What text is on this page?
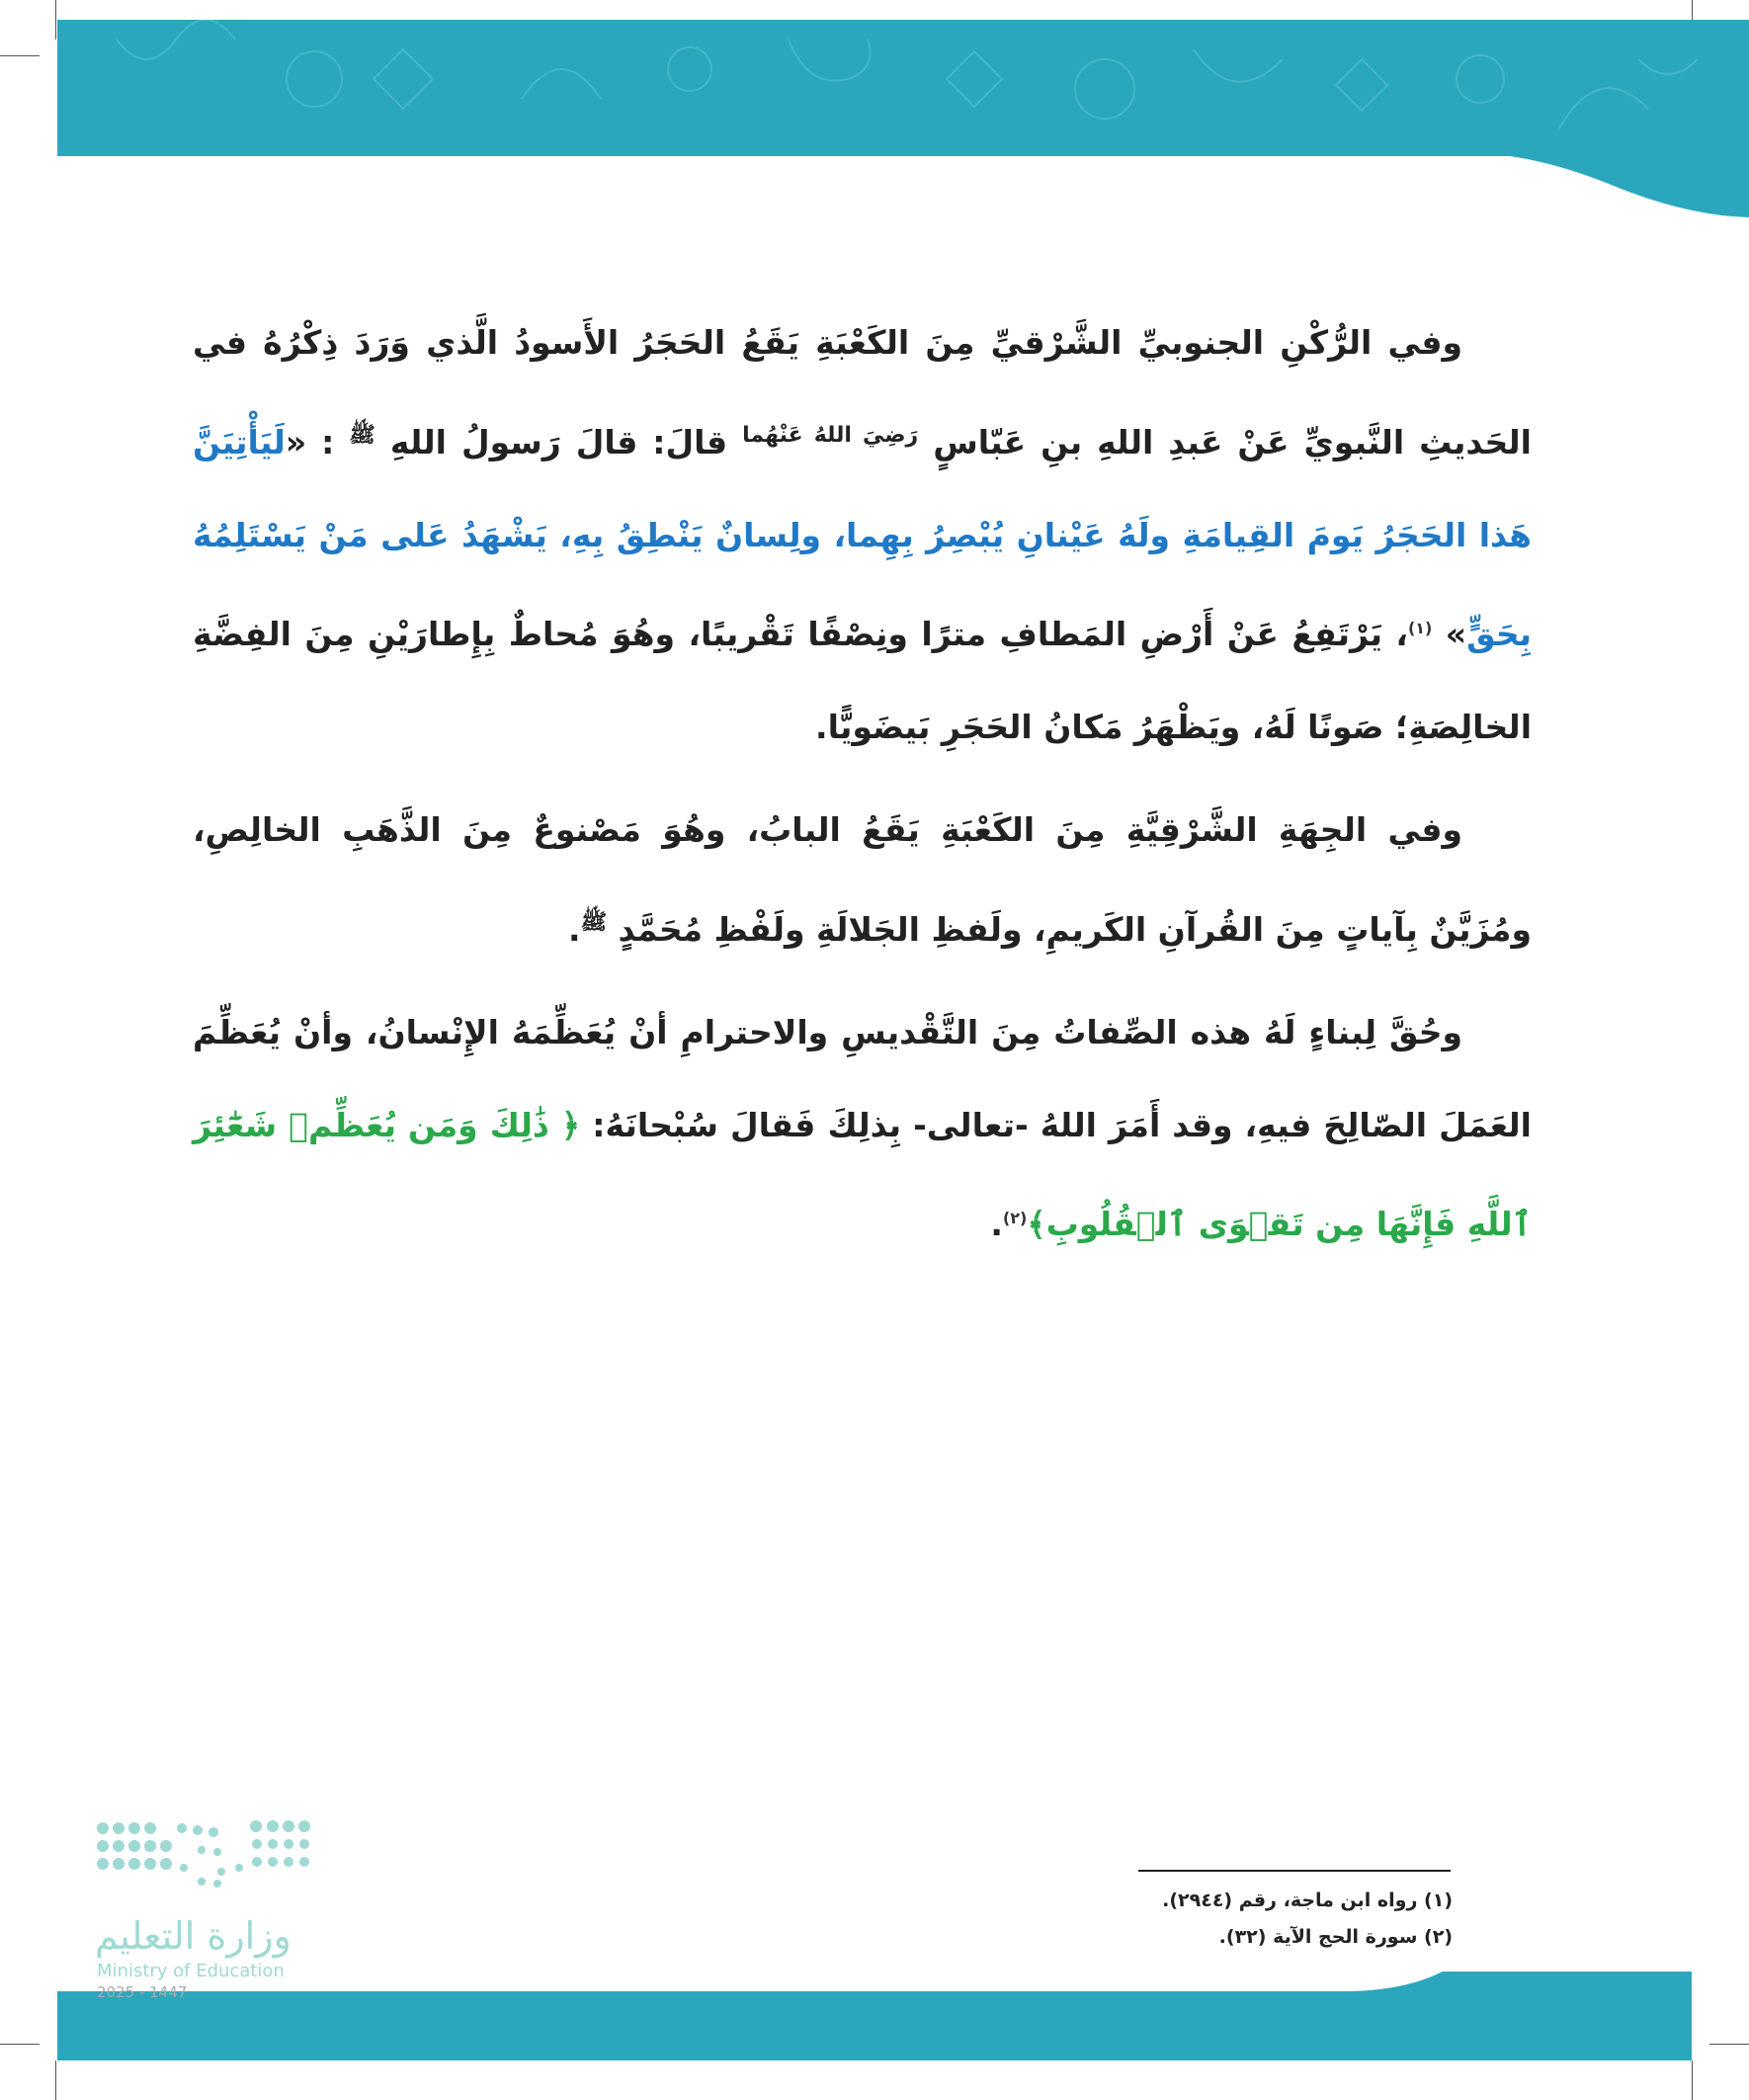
وفي الرُّكْنِ الجنوبيِّ الشَّرْقيِّ مِنَ الكَعْبَةِ يَقَعُ الحَجَرُ الأَسودُ الَّذي وَرَدَ ذِكْرُهُ في الحَديثِ النَّبويِّ عَنْ عَبدِ اللهِ بنِ عَبّاسٍ $^{رَضِيَ اللهُ عَنْهُما}$ قالَ: قالَ رَسولُ اللهِ $^ﷺ$ : «لَيَأْتِيَنَّ هَذا الحَجَرُ يَومَ القِيامَةِ ولَهُ عَيْنانِ يُبْصِرُ بِهِما، ولِسانٌ يَنْطِقُ بِهِ، يَشْهَدُ عَلى مَنْ يَسْتَلِمُهُ بِحَقٍّ» $^{(١)}$، يَرْتَفِعُ عَنْ أَرْضِ المَطافِ مترًا ونِصْفًا تَقْريبًا، وهُوَ مُحاطٌ بِإِطارَيْنِ مِنَ الفِضَّةِ الخالِصَةِ؛ صَونًا لَهُ، ويَظْهَرُ مَكانُ الحَجَرِ بَيضَويًّا.

وفي الجِهَةِ الشَّرْقِيَّةِ مِنَ الكَعْبَةِ يَقَعُ البابُ، وهُوَ مَصْنوعٌ مِنَ الذَّهَبِ الخالِصِ، ومُزَيَّنٌ بِآياتٍ مِنَ القُرآنِ الكَريمِ، ولَفظِ الجَلالَةِ ولَفْظِ مُحَمَّدٍ $^ﷺ$.

وحُقَّ لِبناءٍ لَهُ هذه الصِّفاتُ مِنَ التَّقْديسِ والاحترامِ أنْ يُعَظِّمَهُ الإِنْسانُ، وأنْ يُعَظِّمَ العَمَلَ الصّالِحَ فيهِ، وقد أَمَرَ اللهُ -تعالى- بِذلِكَ فَقالَ سُبْحانَهُ: ﴿ ذَٰلِكَ وَمَن يُعَظِّمۡ شَعَٰٓئِرَ ٱللَّهِ فَإِنَّهَا مِن تَقۡوَى ٱلۡقُلُوبِ﴾$^{(٢)}$.

(١) رواه ابن ماجة، رقم (٢٩٤٤).
(٢) سورة الحج الآية (٣٢).	١٢٤
وزارة التعليم
Ministry of Education
2025 - 1447
